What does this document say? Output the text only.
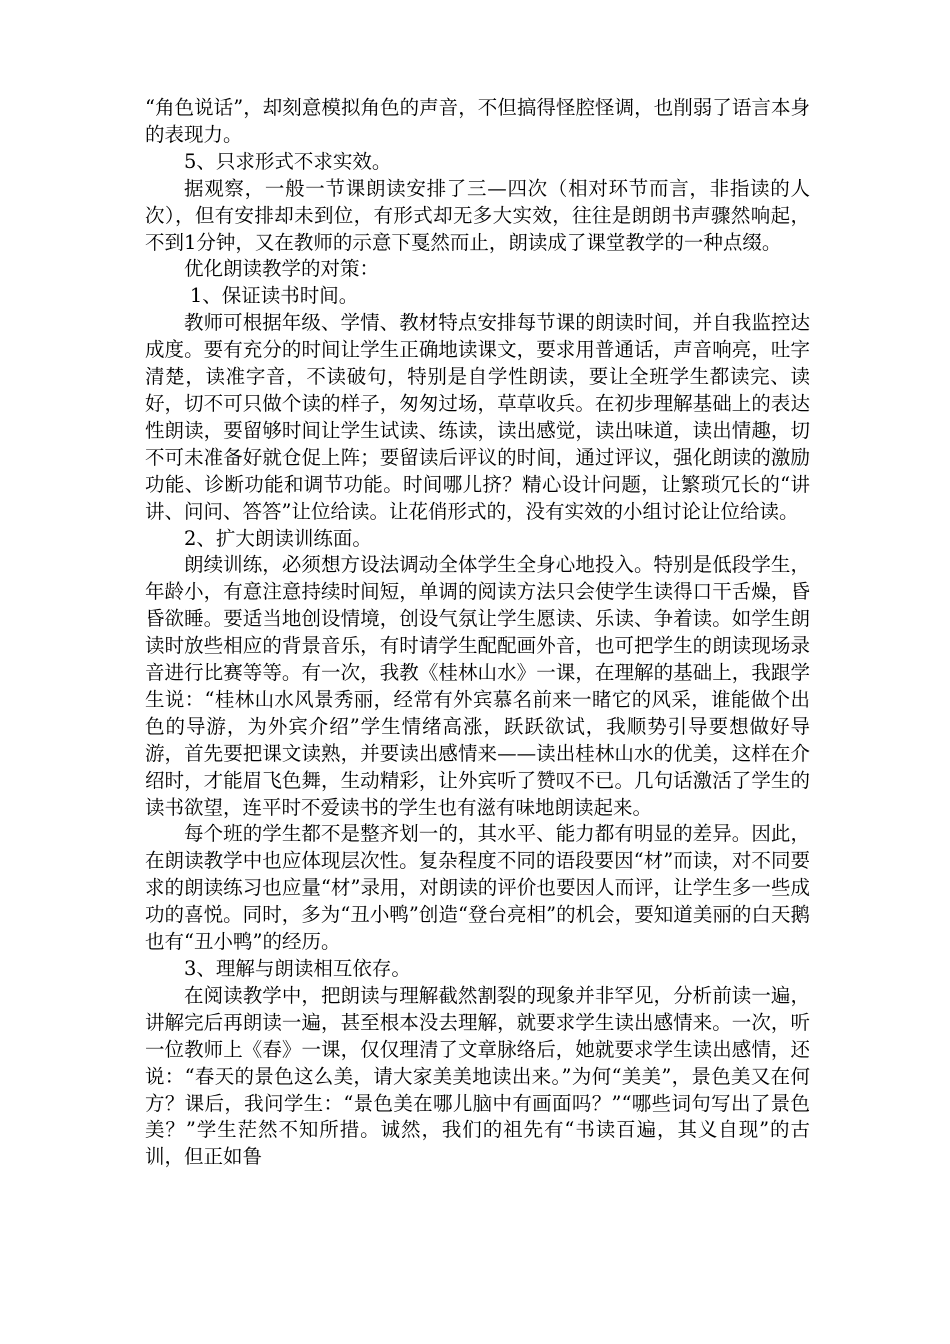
“角色说话”，却刻意模拟角色的声音，不但搞得怪腔怪调，也削弱了语言本身的表现力。

5、只求形式不求实效。

据观察，一般一节课朗读安排了三—四次（相对环节而言，非指读的人次），但有安排却未到位，有形式却无多大实效，往往是朗朗书声骤然响起，不到1分钟，又在教师的示意下戛然而止，朗读成了课堂教学的一种点缀。

优化朗读教学的对策：

1、保证读书时间。

教师可根据年级、学情、教材特点安排每节课的朗读时间，并自我监控达成度。要有充分的时间让学生正确地读课文，要求用普通话，声音响亮，吐字清楚，读准字音，不读破句，特别是自学性朗读，要让全班学生都读完、读好，切不可只做个读的样子，匆匆过场，草草收兵。在初步理解基础上的表达性朗读，要留够时间让学生试读、练读，读出感觉，读出味道，读出情趣，切不可未准备好就仓促上阵；要留读后评议的时间，通过评议，强化朗读的激励功能、诊断功能和调节功能。时间哪儿挤？精心设计问题，让繁琐冗长的“讲讲、问问、答答”让位给读。让花俏形式的，没有实效的小组讨论让位给读。

2、扩大朗读训练面。

朗续训练，必须想方设法调动全体学生全身心地投入。特别是低段学生，年龄小，有意注意持续时间短，单调的阅读方法只会使学生读得口干舌燥，昏昏欲睡。要适当地创设情境，创设气氛让学生愿读、乐读、争着读。如学生朗读时放些相应的背景音乐，有时请学生配配画外音，也可把学生的朗读现场录音进行比赛等等。有一次，我教《桂林山水》一课，在理解的基础上，我跟学生说：“桂林山水风景秀丽，经常有外宾慕名前来一睹它的风采，谁能做个出色的导游，为外宾介绍”学生情绪高涨，跃跃欲试，我顺势引导要想做好导游，首先要把课文读熟，并要读出感情来——读出桂林山水的优美，这样在介绍时，才能眉飞色舞，生动精彩，让外宾听了赞叹不已。几句话激活了学生的读书欲望，连平时不爱读书的学生也有滋有味地朗读起来。

每个班的学生都不是整齐划一的，其水平、能力都有明显的差异。因此，在朗读教学中也应体现层次性。复杂程度不同的语段要因“材”而读，对不同要求的朗读练习也应量“材”录用，对朗读的评价也要因人而评，让学生多一些成功的喜悦。同时，多为“丑小鸭”创造“登台亮相”的机会，要知道美丽的白天鹅也有“丑小鸭”的经历。

3、理解与朗读相互依存。

在阅读教学中，把朗读与理解截然割裂的现象并非罕见，分析前读一遍，讲解完后再朗读一遍，甚至根本没去理解，就要求学生读出感情来。一次，听一位教师上《春》一课，仅仅理清了文章脉络后，她就要求学生读出感情，还说：“春天的景色这么美，请大家美美地读出来。”为何“美美”，景色美又在何方？课后，我问学生：“景色美在哪儿脑中有画面吗？”“哪些词句写出了景色美？”学生茫然不知所措。诚然，我们的祖先有“书读百遍，其义自现”的古训，但正如鲁
